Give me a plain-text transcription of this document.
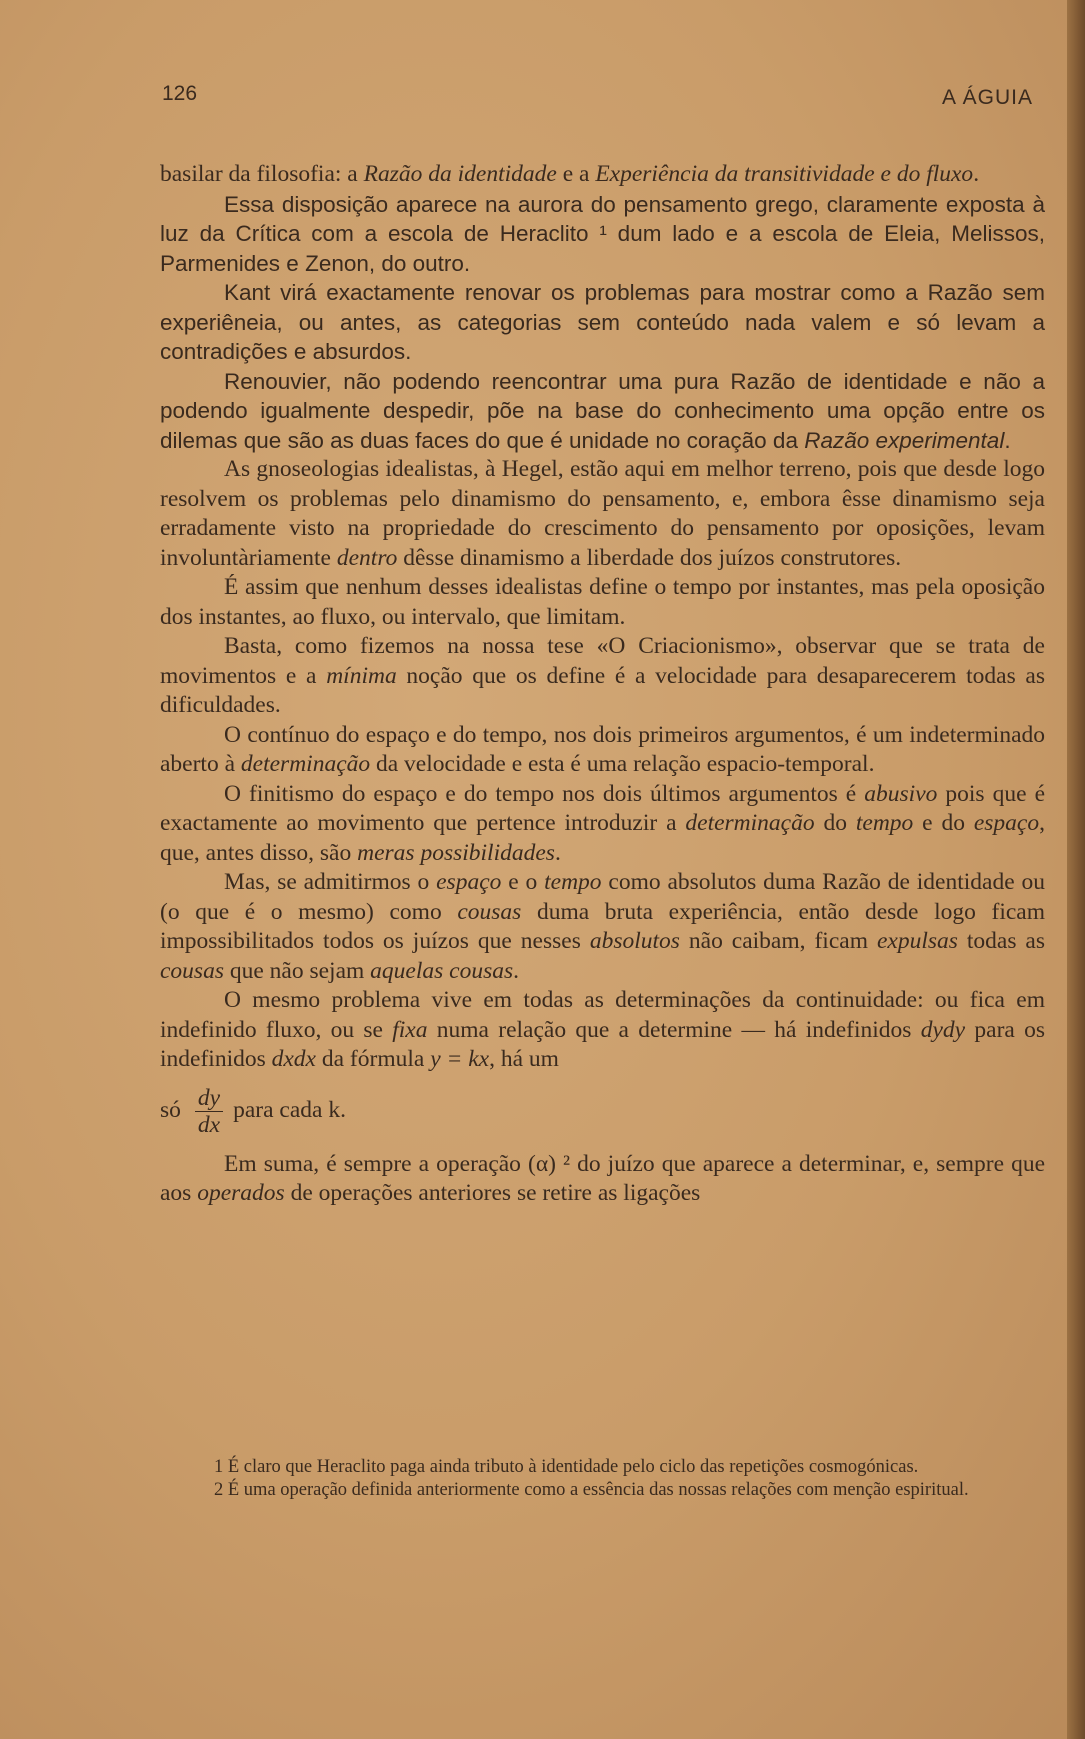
126	A ÁGUIA

basilar da filosofia: a Razão da identidade e a Experiência da transitividade e do fluxo.

Essa disposição aparece na aurora do pensamento grego, claramente exposta à luz da Crítica com a escola de Heraclito ¹ dum lado e a escola de Eleia, Melissos, Parmenides e Zenon, do outro.

Kant virá exactamente renovar os problemas para mostrar como a Razão sem experiêneia, ou antes, as categorias sem conteúdo nada valem e só levam a contradições e absurdos.

Renouvier, não podendo reencontrar uma pura Razão de identidade e não a podendo igualmente despedir, põe na base do conhecimento uma opção entre os dilemas que são as duas faces do que é unidade no coração da Razão experimental.

As gnoseologias idealistas, à Hegel, estão aqui em melhor terreno, pois que desde logo resolvem os problemas pelo dinamismo do pensamento, e, embora êsse dinamismo seja erradamente visto na propriedade do crescimento do pensamento por oposições, levam involuntàriamente dentro dêsse dinamismo a liberdade dos juízos construtores.

É assim que nenhum desses idealistas define o tempo por instantes, mas pela oposição dos instantes, ao fluxo, ou intervalo, que limitam.

Basta, como fizemos na nossa tese «O Criacionismo», observar que se trata de movimentos e a mínima noção que os define é a velocidade para desaparecerem todas as dificuldades.

O contínuo do espaço e do tempo, nos dois primeiros argumentos, é um indeterminado aberto à determinação da velocidade e esta é uma relação espacio-temporal.

O finitismo do espaço e do tempo nos dois últimos argumentos é abusivo pois que é exactamente ao movimento que pertence introduzir a determinação do tempo e do espaço, que, antes disso, são meras possibilidades.

Mas, se admitirmos o espaço e o tempo como absolutos duma Razão de identidade ou (o que é o mesmo) como cousas duma bruta experiência, então desde logo ficam impossibilitados todos os juízos que nesses absolutos não caibam, ficam expulsas todas as cousas que não sejam aquelas cousas.

O mesmo problema vive em todas as determinações da continuidade: ou fica em indefinido fluxo, ou se fixa numa relação que a determine — há indefinidos dydy para os indefinidos dxdx da fórmula y = kx, há um

só $\frac{dy}{dx}$ para cada k.

Em suma, é sempre a operação (α) ² do juízo que aparece a determinar, e, sempre que aos operados de operações anteriores se retire as ligações

1 É claro que Heraclito paga ainda tributo à identidade pelo ciclo das repetições cosmogónicas.

2 É uma operação definida anteriormente como a essência das nossas relações com menção espiritual.
